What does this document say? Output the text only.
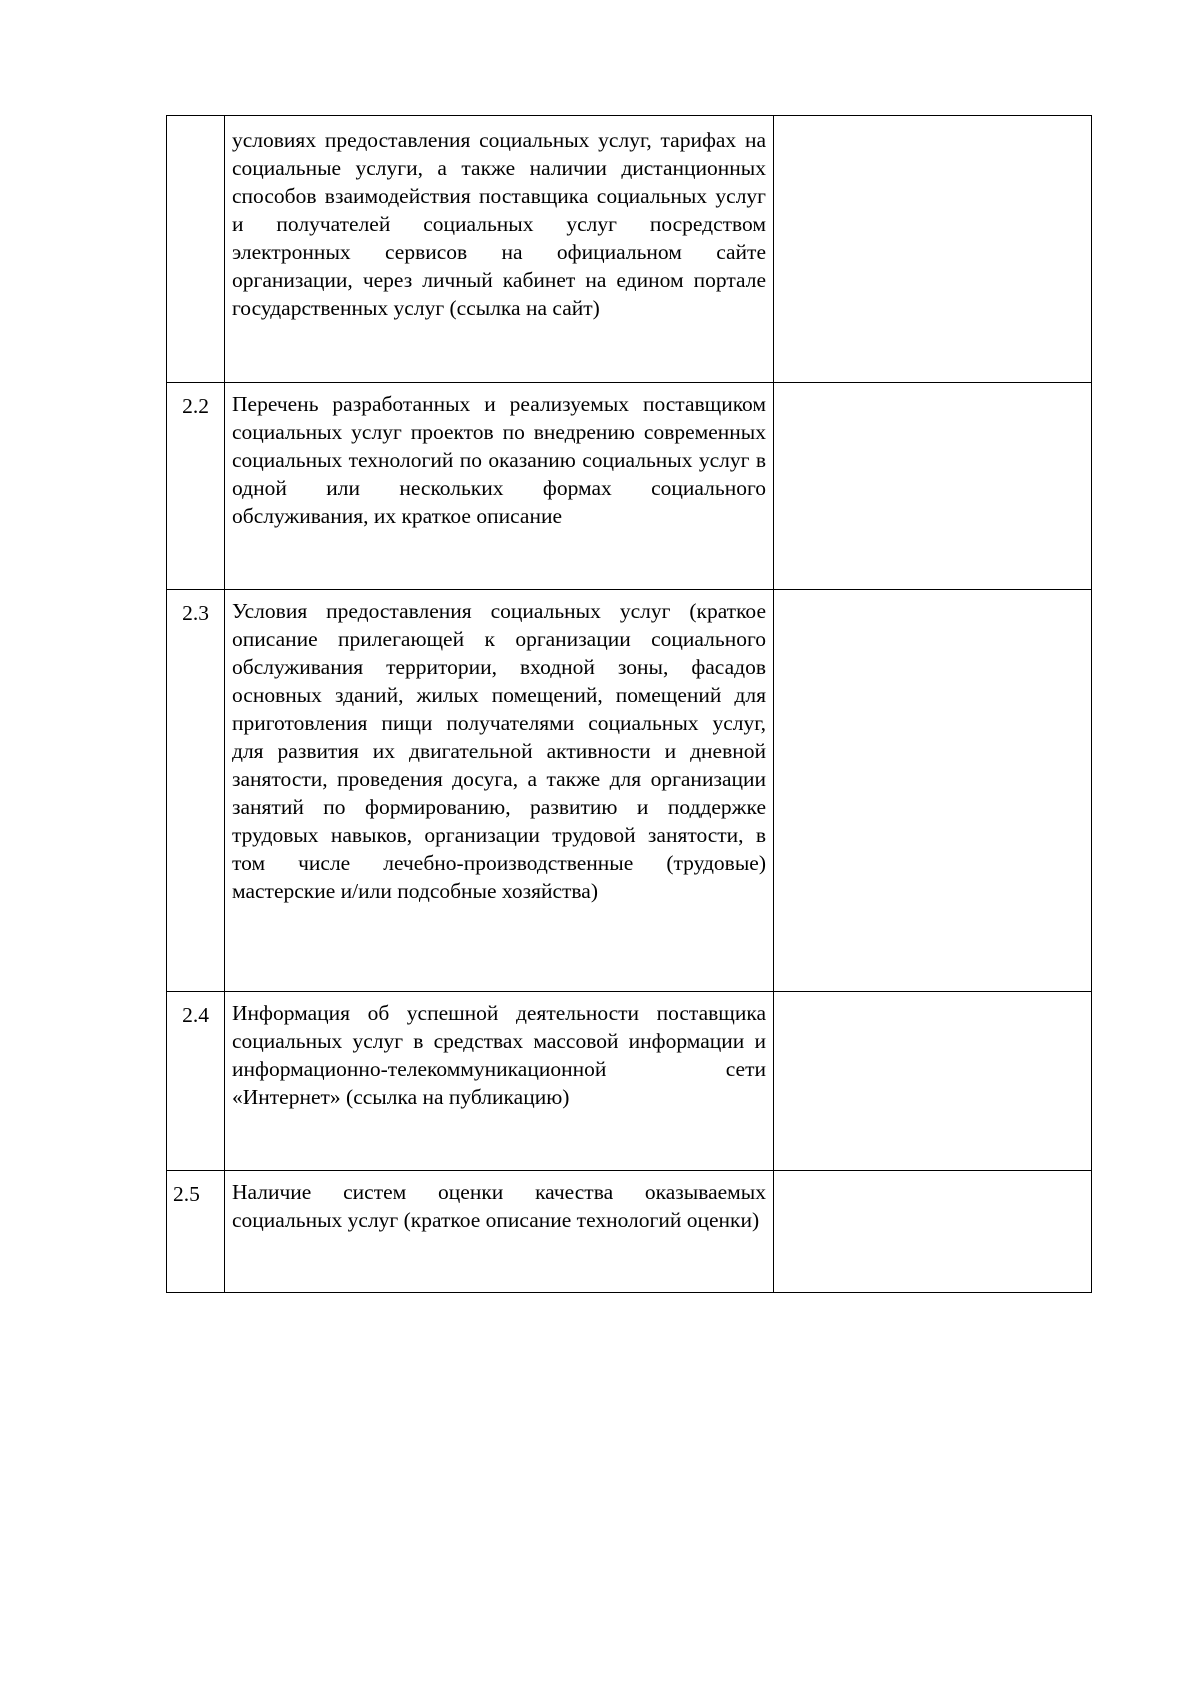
	условиях предоставления социальных услуг, тарифах на социальные услуги, а также наличии дистанционных способов взаимодействия поставщика социальных услуг и получателей социальных услуг посредством электронных сервисов на официальном сайте организации, через личный кабинет на едином портале государственных услуг (ссылка на сайт)	
2.2	Перечень разработанных и реализуемых поставщиком социальных услуг проектов по внедрению современных социальных технологий по оказанию социальных услуг в одной или нескольких формах социального обслуживания, их краткое описание	
2.3	Условия предоставления социальных услуг (краткое описание прилегающей к организации социального обслуживания территории, входной зоны, фасадов основных зданий, жилых помещений, помещений для приготовления пищи получателями социальных услуг, для развития их двигательной активности и дневной занятости, проведения досуга, а также для организации занятий по формированию, развитию и поддержке трудовых навыков, организации трудовой занятости, в том числе лечебно-производственные (трудовые) мастерские и/или подсобные хозяйства)	
2.4	Информация об успешной деятельности поставщика социальных услуг в средствах массовой информации и информационно-телекоммуникационной сети «Интернет» (ссылка на публикацию)	
2.5	Наличие систем оценки качества оказываемых социальных услуг (краткое описание технологий оценки)	
